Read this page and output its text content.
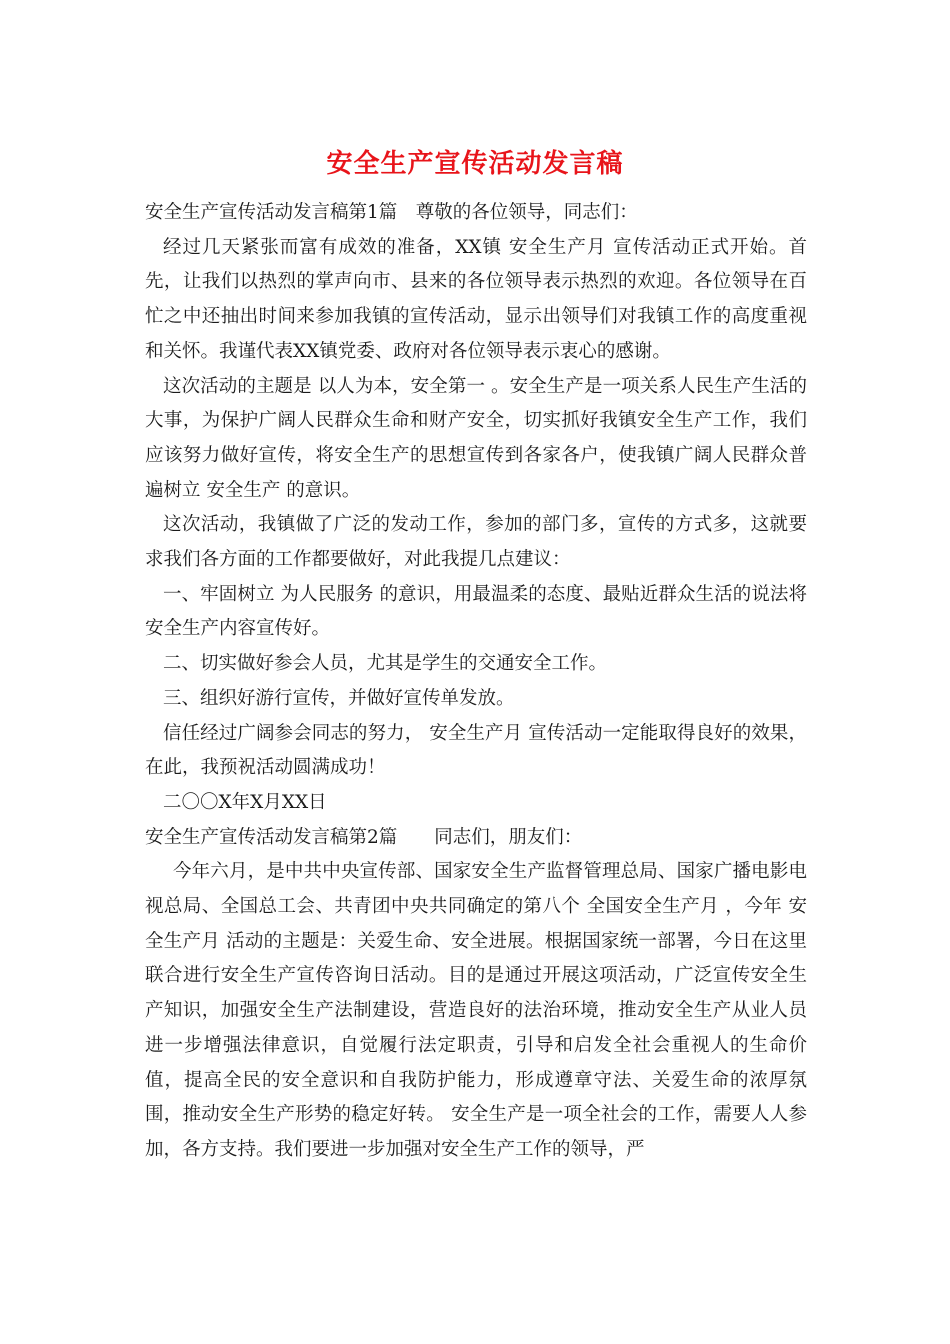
安全生产宣传活动发言稿

安全生产宣传活动发言稿第1篇　尊敬的各位领导，同志们：

经过几天紧张而富有成效的准备，XX镇 安全生产月 宣传活动正式开始。首先，让我们以热烈的掌声向市、县来的各位领导表示热烈的欢迎。各位领导在百忙之中还抽出时间来参加我镇的宣传活动，显示出领导们对我镇工作的高度重视和关怀。我谨代表XX镇党委、政府对各位领导表示衷心的感谢。

这次活动的主题是 以人为本，安全第一 。安全生产是一项关系人民生产生活的大事，为保护广阔人民群众生命和财产安全，切实抓好我镇安全生产工作，我们应该努力做好宣传，将安全生产的思想宣传到各家各户，使我镇广阔人民群众普遍树立 安全生产 的意识。

这次活动，我镇做了广泛的发动工作，参加的部门多，宣传的方式多，这就要求我们各方面的工作都要做好，对此我提几点建议：

一、牢固树立 为人民服务 的意识，用最温柔的态度、最贴近群众生活的说法将安全生产内容宣传好。

二、切实做好参会人员，尤其是学生的交通安全工作。

三、组织好游行宣传，并做好宣传单发放。

信任经过广阔参会同志的努力， 安全生产月 宣传活动一定能取得良好的效果，在此，我预祝活动圆满成功！

二〇〇X年X月XX日

安全生产宣传活动发言稿第2篇　　同志们，朋友们：

今年六月，是中共中央宣传部、国家安全生产监督管理总局、国家广播电影电视总局、全国总工会、共青团中央共同确定的第八个 全国安全生产月 ，今年 安全生产月 活动的主题是：关爱生命、安全进展。根据国家统一部署，今日在这里联合进行安全生产宣传咨询日活动。目的是通过开展这项活动，广泛宣传安全生产知识，加强安全生产法制建设，营造良好的法治环境，推动安全生产从业人员进一步增强法律意识，自觉履行法定职责，引导和启发全社会重视人的生命价值，提高全民的安全意识和自我防护能力，形成遵章守法、关爱生命的浓厚氛围，推动安全生产形势的稳定好转。 安全生产是一项全社会的工作，需要人人参加，各方支持。我们要进一步加强对安全生产工作的领导，严
